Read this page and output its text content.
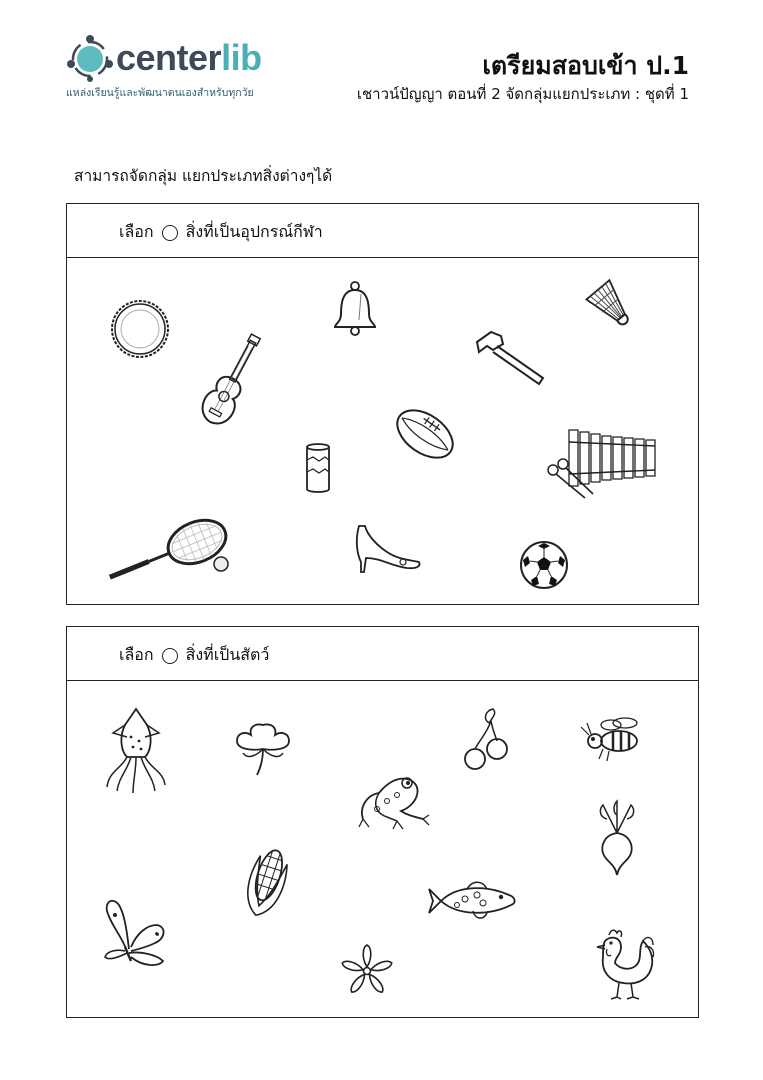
centerlib
แหล่งเรียนรู้และพัฒนาตนเองสำหรับทุกวัย
เตรียมสอบเข้า ป.1
เชาวน์ปัญญา ตอนที่ 2 จัดกลุ่มแยกประเภท : ชุดที่ 1
สามารถจัดกลุ่ม แยกประเภทสิ่งต่างๆได้
เลือก สิ่งที่เป็นอุปกรณ์กีฬา
เลือก สิ่งที่เป็นสัตว์
